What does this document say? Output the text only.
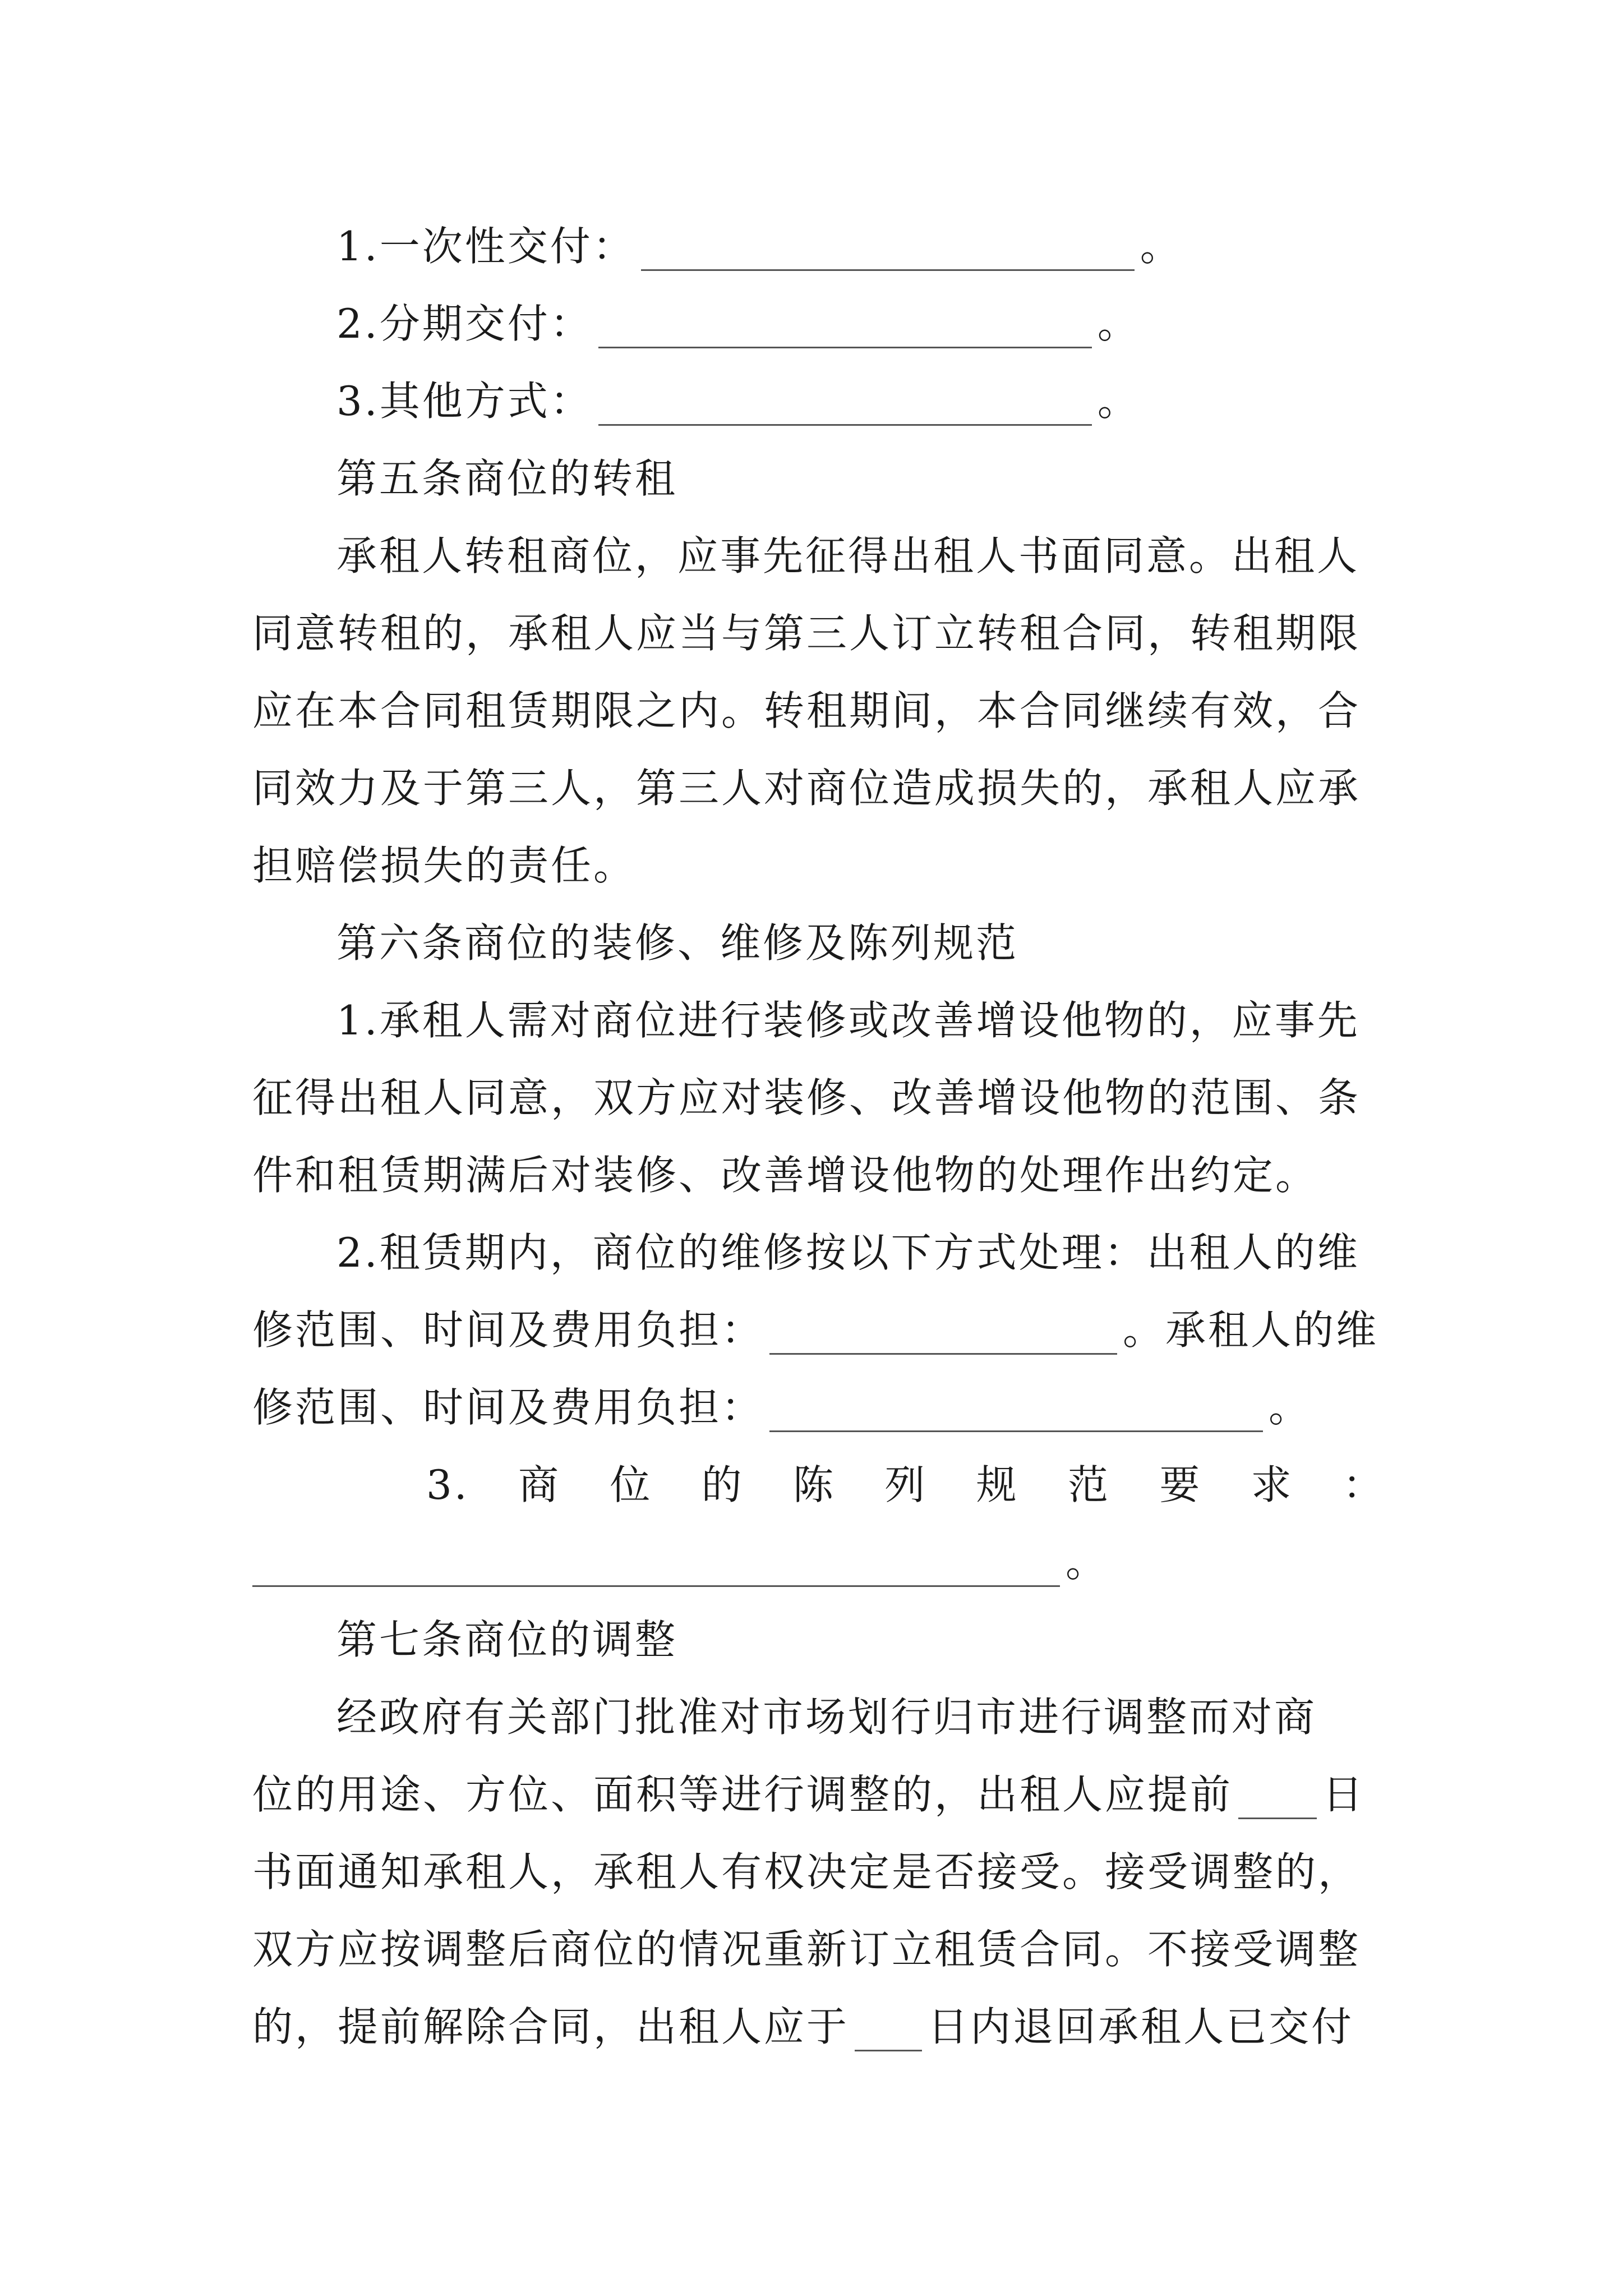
1.一次性交付：	。
2.分期交付：	。
3.其他方式：	。
第五条商位的转租
承租人转租商位，应事先征得出租人书面同意。出租人
同意转租的，承租人应当与第三人订立转租合同，转租期限
应在本合同租赁期限之内。转租期间，本合同继续有效，合
同效力及于第三人，第三人对商位造成损失的，承租人应承
担赔偿损失的责任。
第六条商位的装修、维修及陈列规范
1.承租人需对商位进行装修或改善增设他物的，应事先
征得出租人同意，双方应对装修、改善增设他物的范围、条
件和租赁期满后对装修、改善增设他物的处理作出约定。
2.租赁期内，商位的维修按以下方式处理：出租人的维
修范围、时间及费用负担：	。承租人的维
修范围、时间及费用负担：	。
3. 商 位 的 陈 列 规 范 要 求 ：
。
第七条商位的调整
经政府有关部门批准对市场划行归市进行调整而对商
位的用途、方位、面积等进行调整的，出租人应提前 日
书面通知承租人，承租人有权决定是否接受。接受调整的，
双方应按调整后商位的情况重新订立租赁合同。不接受调整
的，提前解除合同，出租人应于 日内退回承租人已交付
